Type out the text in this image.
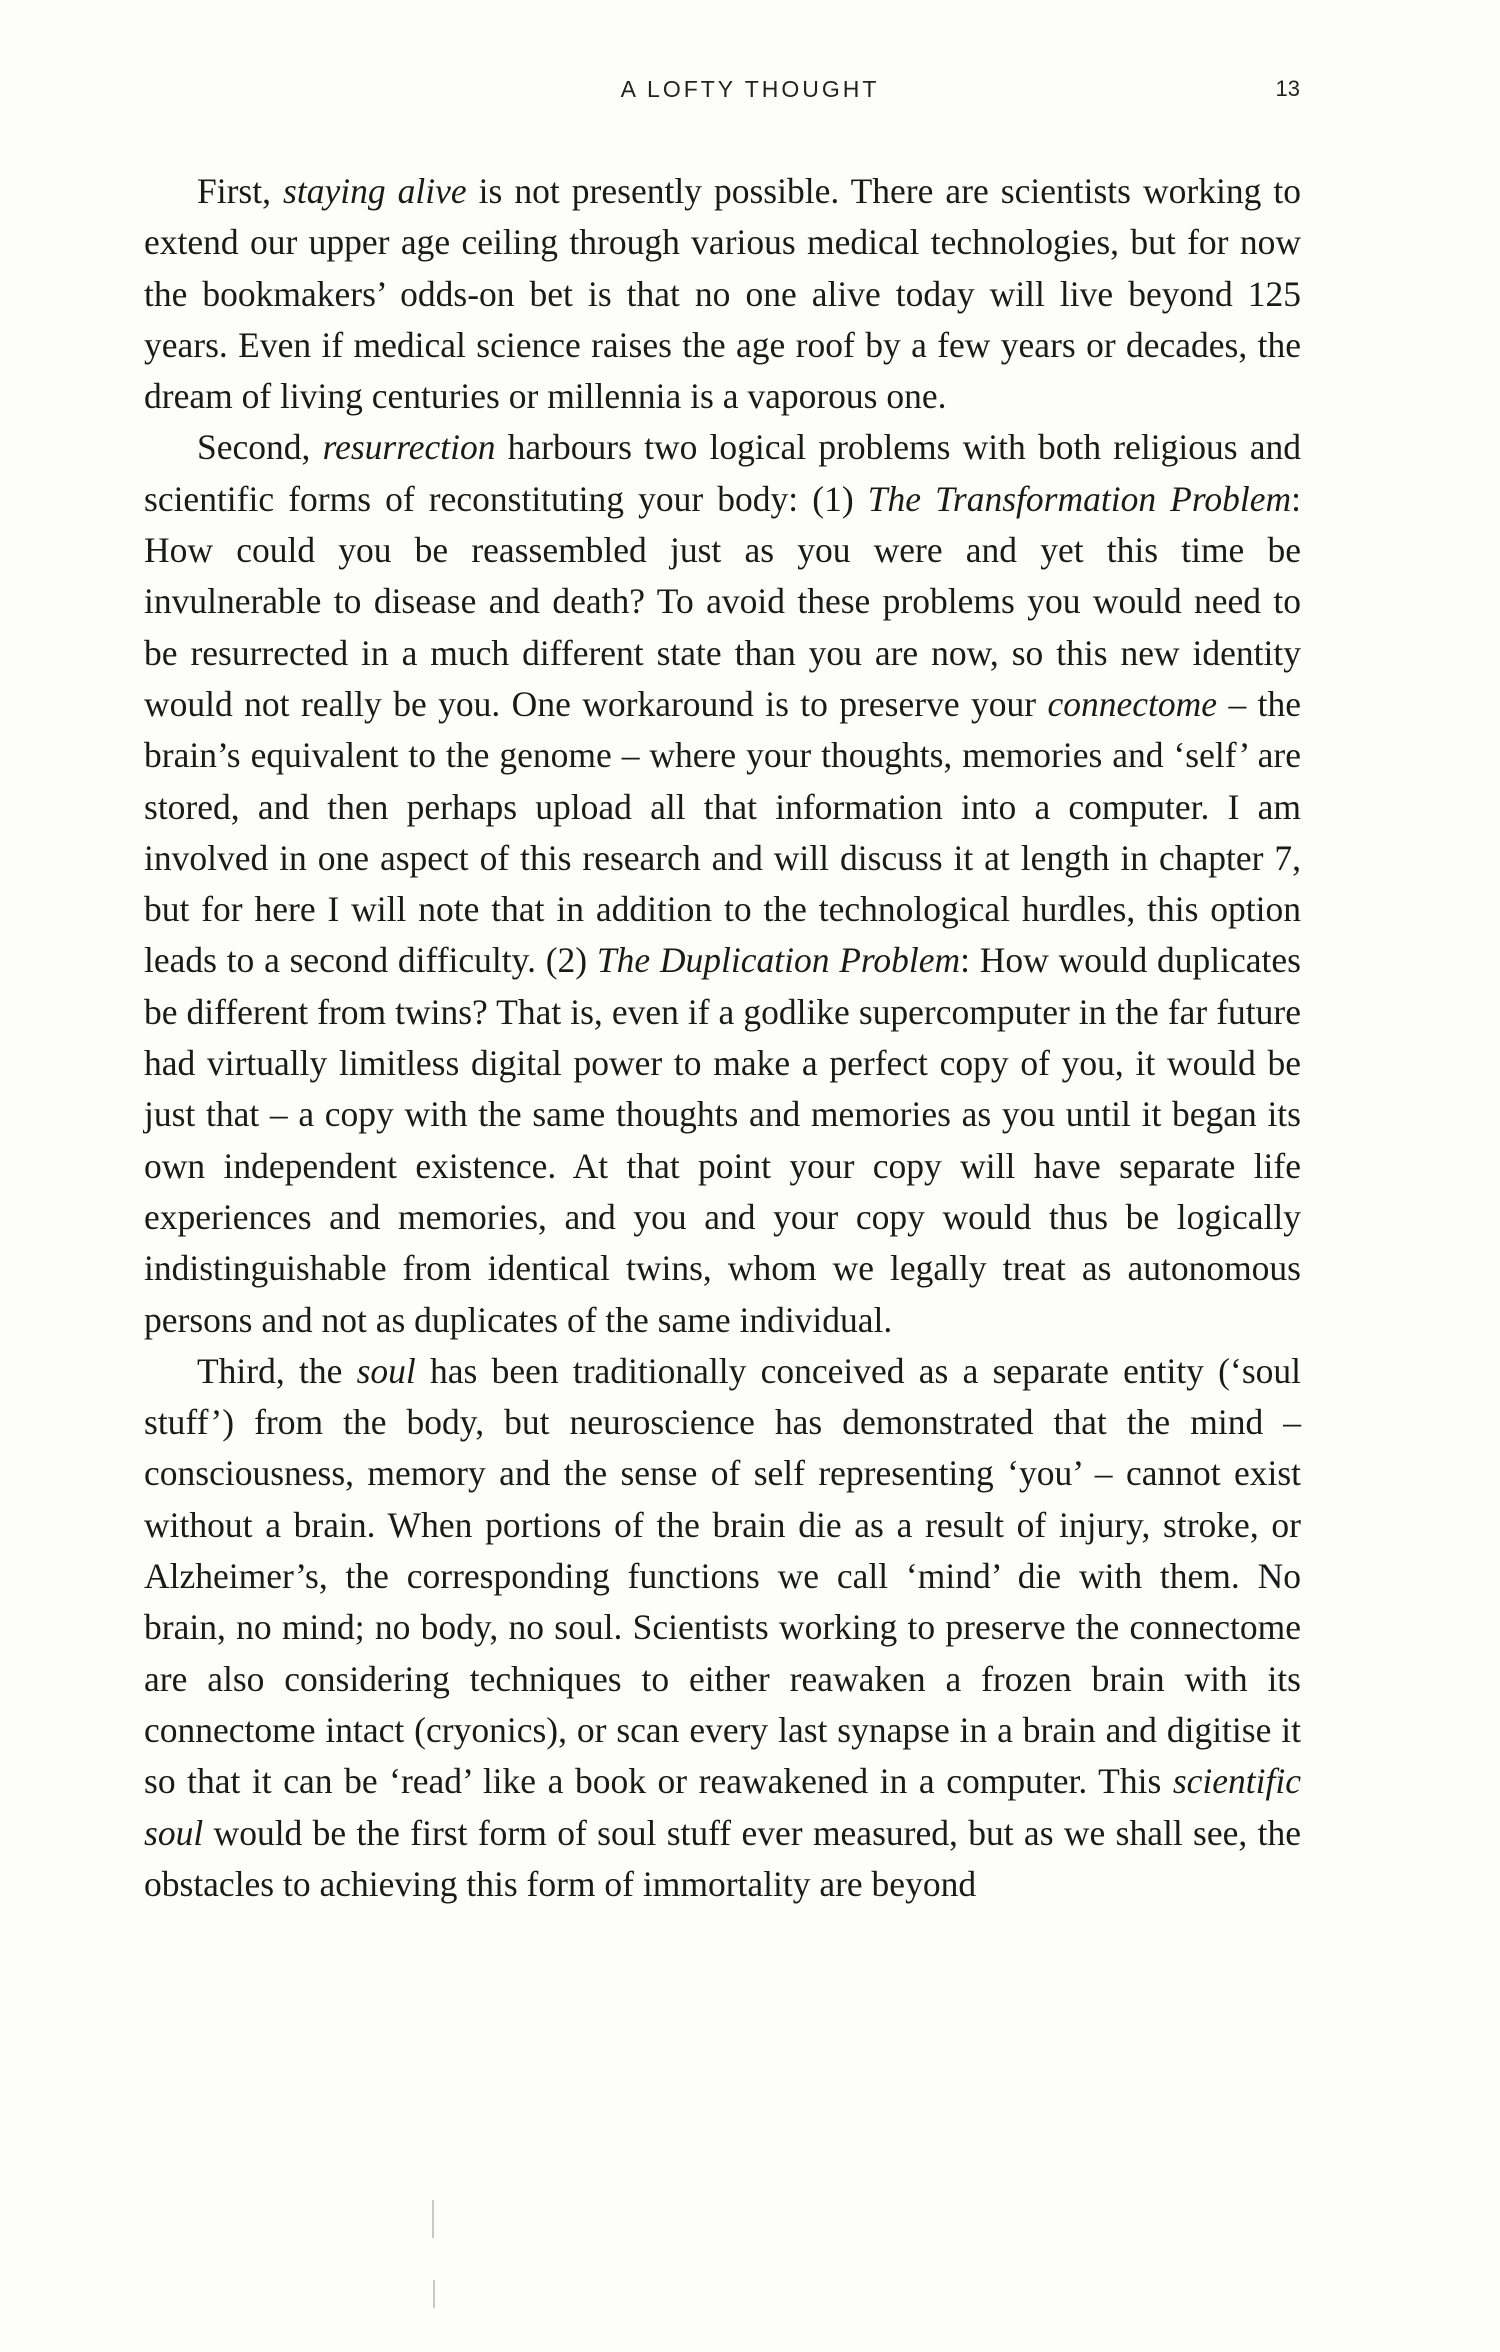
A LOFTY THOUGHT	13

First, staying alive is not presently possible. There are scientists working to extend our upper age ceiling through various medical technologies, but for now the bookmakers’ odds-on bet is that no one alive today will live beyond 125 years. Even if medical science raises the age roof by a few years or decades, the dream of living centuries or millennia is a vaporous one.

Second, resurrection harbours two logical problems with both religious and scientific forms of reconstituting your body: (1) The Transformation Problem: How could you be reassembled just as you were and yet this time be invulnerable to disease and death? To avoid these problems you would need to be resurrected in a much different state than you are now, so this new identity would not really be you. One workaround is to preserve your connectome – the brain’s equivalent to the genome – where your thoughts, memories and ‘self’ are stored, and then perhaps upload all that information into a computer. I am involved in one aspect of this research and will discuss it at length in chapter 7, but for here I will note that in addition to the technological hurdles, this option leads to a second difficulty. (2) The Duplication Problem: How would duplicates be different from twins? That is, even if a godlike supercomputer in the far future had virtually limitless digital power to make a perfect copy of you, it would be just that – a copy with the same thoughts and memories as you until it began its own independent existence. At that point your copy will have separate life experiences and memories, and you and your copy would thus be logically indistinguishable from identical twins, whom we legally treat as autonomous persons and not as duplicates of the same individual.

Third, the soul has been traditionally conceived as a separate entity (‘soul stuff’) from the body, but neuroscience has demonstrated that the mind – consciousness, memory and the sense of self representing ‘you’ – cannot exist without a brain. When portions of the brain die as a result of injury, stroke, or Alzheimer’s, the corresponding functions we call ‘mind’ die with them. No brain, no mind; no body, no soul. Scientists working to preserve the connectome are also considering techniques to either reawaken a frozen brain with its connectome intact (cryonics), or scan every last synapse in a brain and digitise it so that it can be ‘read’ like a book or reawakened in a computer. This scientific soul would be the first form of soul stuff ever measured, but as we shall see, the obstacles to achieving this form of immortality are beyond
